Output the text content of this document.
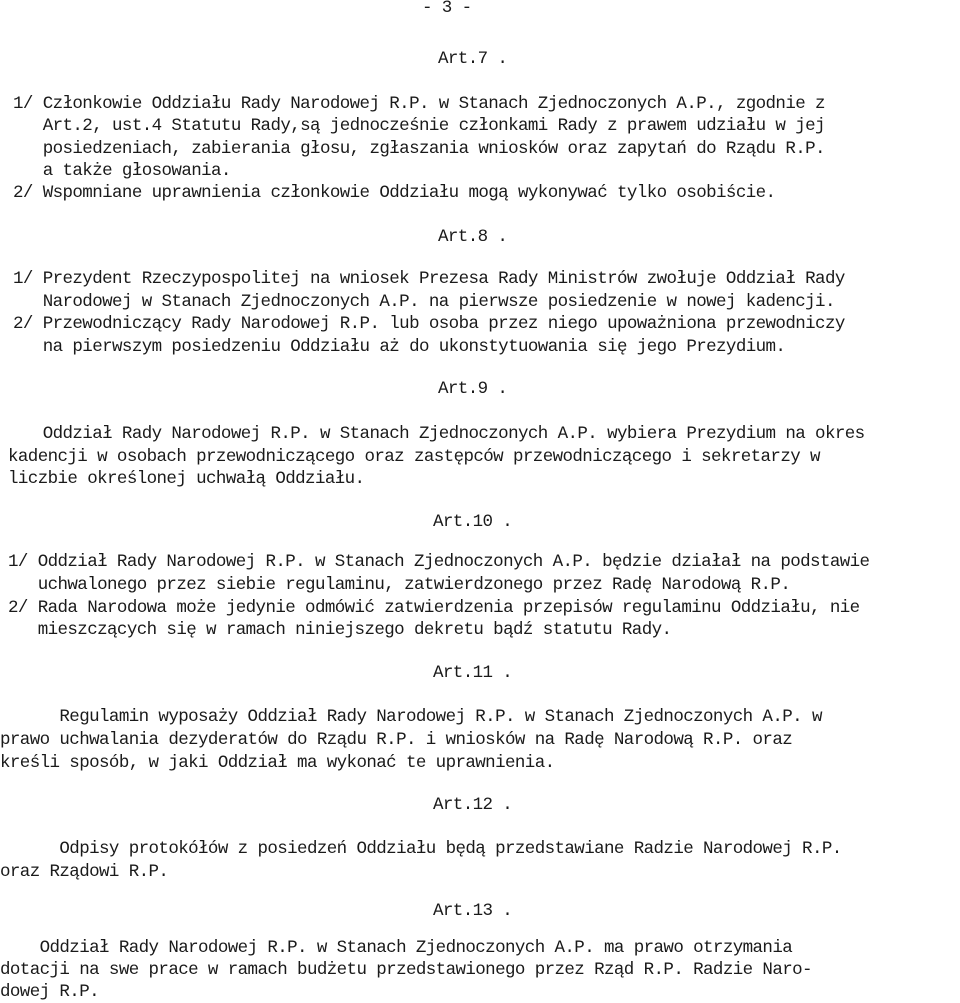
- 3 -
Art.7 .
1/ Członkowie Oddziału Rady Narodowej R.P. w Stanach Zjednoczonych A.P., zgodnie z
Art.2, ust.4 Statutu Rady,są jednocześnie członkami Rady z prawem udziału w jej
posiedzeniach, zabierania głosu, zgłaszania wniosków oraz zapytań do Rządu R.P.
a także głosowania.
2/ Wspomniane uprawnienia członkowie Oddziału mogą wykonywać tylko osobiście.
Art.8 .
1/ Prezydent Rzeczypospolitej na wniosek Prezesa Rady Ministrów zwołuje Oddział Rady
Narodowej w Stanach Zjednoczonych A.P. na pierwsze posiedzenie w nowej kadencji.
2/ Przewodniczący Rady Narodowej R.P. lub osoba przez niego upoważniona przewodniczy
na pierwszym posiedzeniu Oddziału aż do ukonstytuowania się jego Prezydium.
Art.9 .
Oddział Rady Narodowej R.P. w Stanach Zjednoczonych A.P. wybiera Prezydium na okres
kadencji w osobach przewodniczącego oraz zastępców przewodniczącego i sekretarzy w
liczbie określonej uchwałą Oddziału.
Art.10 .
1/ Oddział Rady Narodowej R.P. w Stanach Zjednoczonych A.P. będzie działał na podstawie
uchwalonego przez siebie regulaminu, zatwierdzonego przez Radę Narodową R.P.
2/ Rada Narodowa może jedynie odmówić zatwierdzenia przepisów regulaminu Oddziału, nie
mieszczących się w ramach niniejszego dekretu bądź statutu Rady.
Art.11 .
Regulamin wyposaży Oddział Rady Narodowej R.P. w Stanach Zjednoczonych A.P. w
prawo uchwalania dezyderatów do Rządu R.P. i wniosków na Radę Narodową R.P. oraz
kreśli sposób, w jaki Oddział ma wykonać te uprawnienia.
Art.12 .
Odpisy protokółów z posiedzeń Oddziału będą przedstawiane Radzie Narodowej R.P.
oraz Rządowi R.P.
Art.13 .
Oddział Rady Narodowej R.P. w Stanach Zjednoczonych A.P. ma prawo otrzymania
dotacji na swe prace w ramach budżetu przedstawionego przez Rząd R.P. Radzie Naro-
dowej R.P.
